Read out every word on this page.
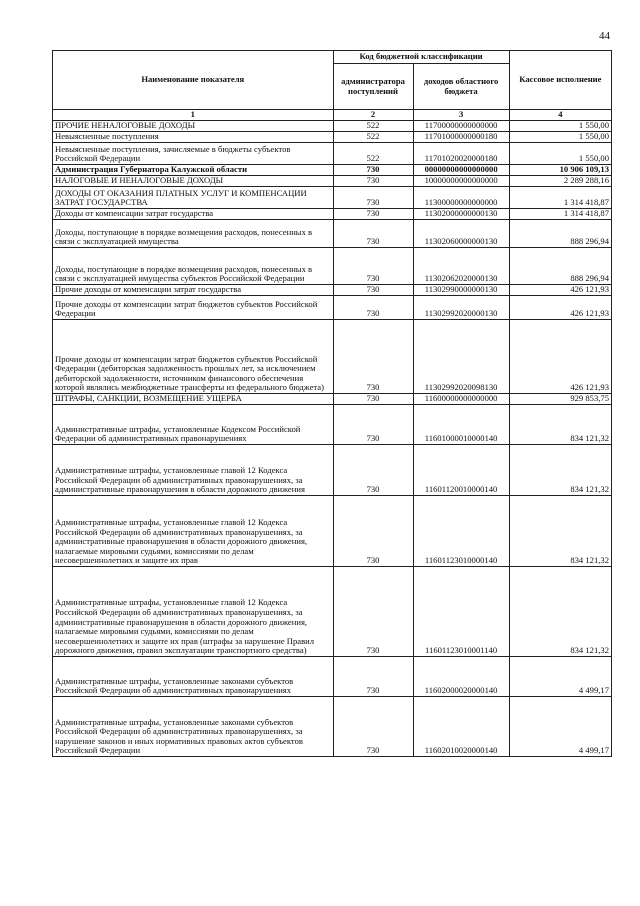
44
Наименование показателя	Код бюджетной классификации		Кассовое исполнение
	администратора поступлений	доходов областного бюджета	
1	2	3	4
ПРОЧИЕ НЕНАЛОГОВЫЕ ДОХОДЫ	522	11700000000000000	1 550,00
Невыясненные поступления	522	11701000000000180	1 550,00
Невыясненные поступления, зачисляемые в бюджеты субъектов Российской Федерации	522	11701020020000180	1 550,00
Администрация Губернатора Калужской области	730	00000000000000000	10 906 109,13
НАЛОГОВЫЕ И НЕНАЛОГОВЫЕ ДОХОДЫ	730	10000000000000000	2 289 288,16
ДОХОДЫ ОТ ОКАЗАНИЯ ПЛАТНЫХ УСЛУГ И КОМПЕНСАЦИИ ЗАТРАТ ГОСУДАРСТВА	730	11300000000000000	1 314 418,87
Доходы от компенсации затрат государства	730	11302000000000130	1 314 418,87
Доходы, поступающие в порядке возмещения расходов, понесенных в связи с эксплуатацией имущества	730	11302060000000130	888 296,94
Доходы, поступающие в порядке возмещения расходов, понесенных в связи с эксплуатацией имущества субъектов Российской Федерации	730	11302062020000130	888 296,94
Прочие доходы от компенсации затрат государства	730	11302990000000130	426 121,93
Прочие доходы от компенсации затрат бюджетов субъектов Российской Федерации	730	11302992020000130	426 121,93
Прочие доходы от компенсации затрат бюджетов субъектов Российской Федерации (дебиторская задолженность прошлых лет, за исключением дебиторской задолженности, источником финансового обеспечения которой являлись межбюджетные трансферты из федерального бюджета)	730	11302992020098130	426 121,93
ШТРАФЫ, САНКЦИИ, ВОЗМЕЩЕНИЕ УЩЕРБА	730	11600000000000000	929 853,75
Административные штрафы, установленные Кодексом Российской Федерации об административных правонарушениях	730	11601000010000140	834 121,32
Административные штрафы, установленные главой 12 Кодекса Российской Федерации об административных правонарушениях, за административные правонарушения в области дорожного движения	730	11601120010000140	834 121,32
Административные штрафы, установленные главой 12 Кодекса Российской Федерации об административных правонарушениях, за административные правонарушения в области дорожного движения, налагаемые мировыми судьями, комиссиями по делам несовершеннолетних и защите их прав	730	11601123010000140	834 121,32
Административные штрафы, установленные главой 12 Кодекса Российской Федерации об административных правонарушениях, за административные правонарушения в области дорожного движения, налагаемые мировыми судьями, комиссиями по делам несовершеннолетних и защите их прав (штрафы за нарушение Правил дорожного движения, правил эксплуатации транспортного средства)	730	11601123010001140	834 121,32
Административные штрафы, установленные законами субъектов Российской Федерации об административных правонарушениях	730	11602000020000140	4 499,17
Административные штрафы, установленные законами субъектов Российской Федерации об административных правонарушениях, за нарушение законов и иных нормативных правовых актов субъектов Российской Федерации	730	11602010020000140	4 499,17
